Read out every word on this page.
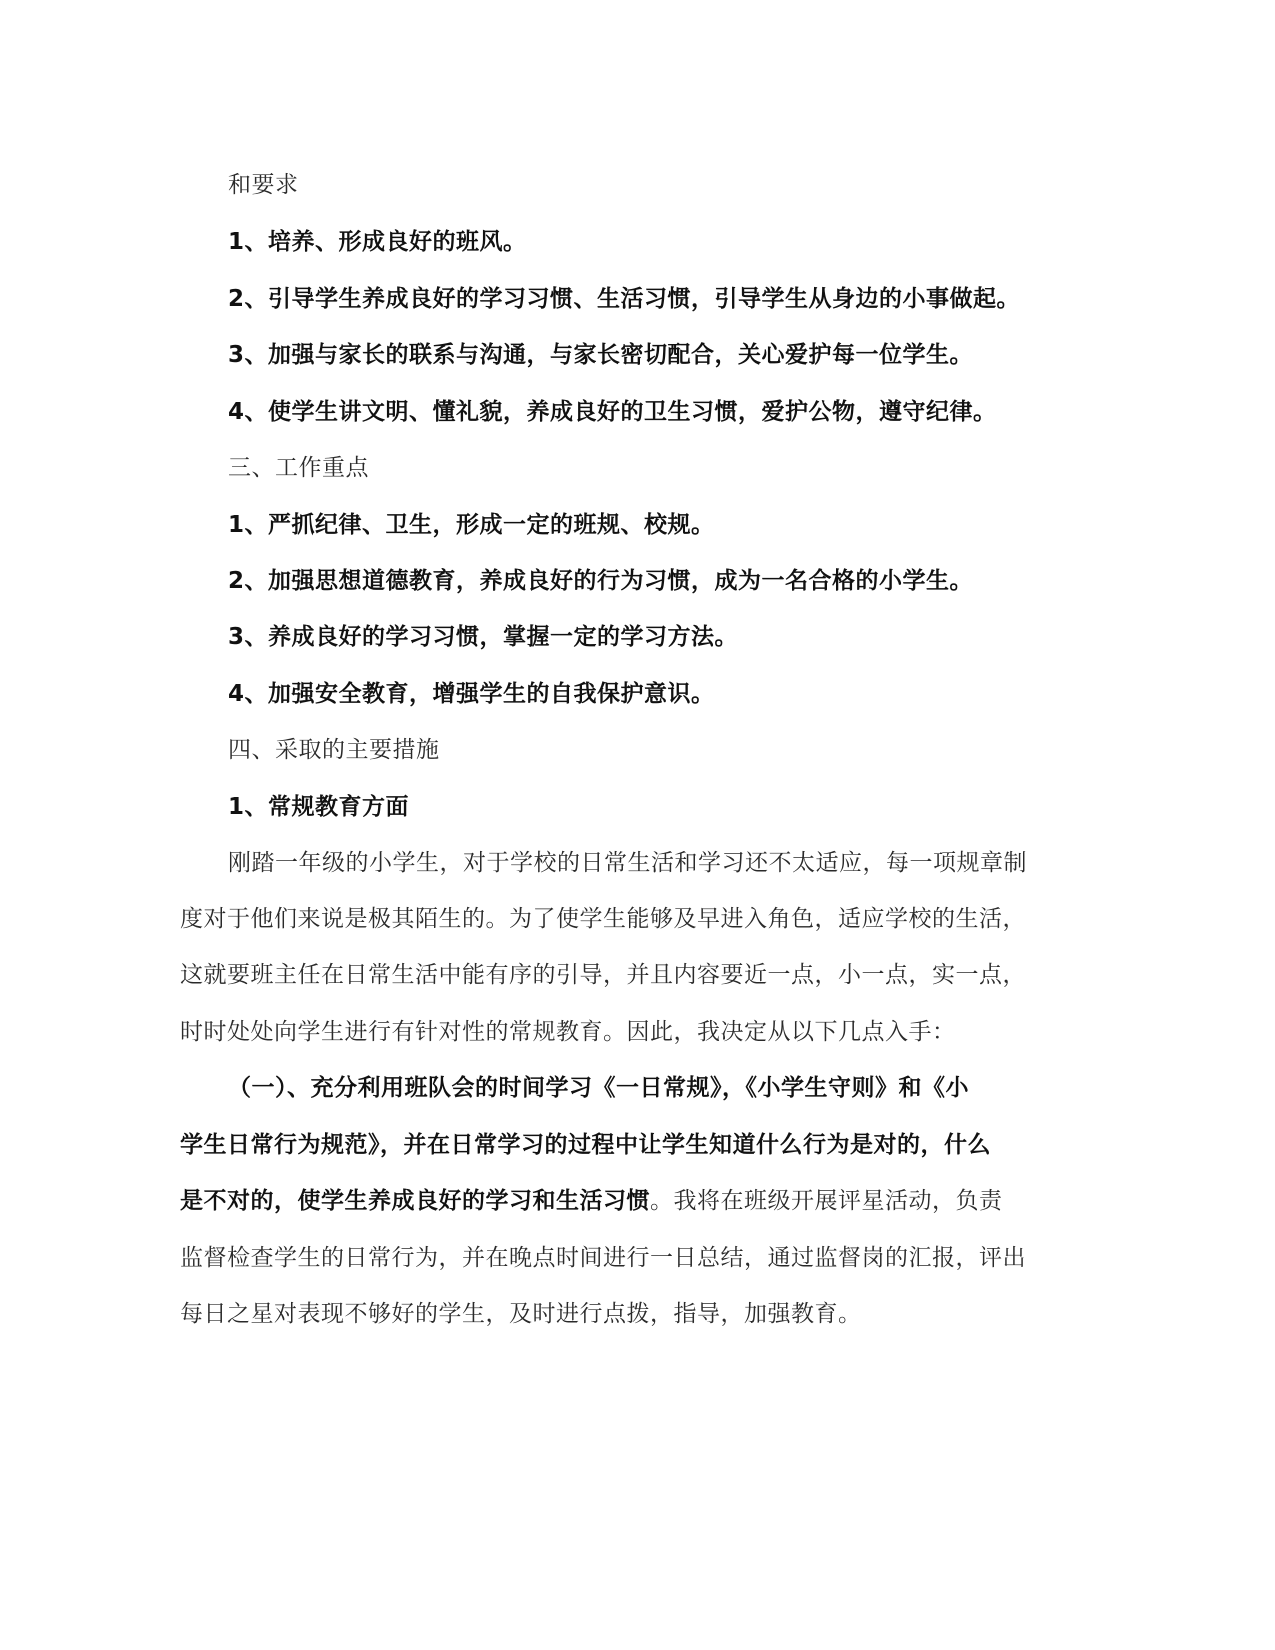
和要求
1、培养、形成良好的班风。
2、引导学生养成良好的学习习惯、生活习惯，引导学生从身边的小事做起。
3、加强与家长的联系与沟通，与家长密切配合，关心爱护每一位学生。
4、使学生讲文明、懂礼貌，养成良好的卫生习惯，爱护公物，遵守纪律。
三、工作重点
1、严抓纪律、卫生，形成一定的班规、校规。
2、加强思想道德教育，养成良好的行为习惯，成为一名合格的小学生。
3、养成良好的学习习惯，掌握一定的学习方法。
4、加强安全教育，增强学生的自我保护意识。
四、采取的主要措施
1、常规教育方面
刚踏一年级的小学生，对于学校的日常生活和学习还不太适应，每一项规章制
度对于他们来说是极其陌生的。为了使学生能够及早进入角色，适应学校的生活，
这就要班主任在日常生活中能有序的引导，并且内容要近一点，小一点，实一点，
时时处处向学生进行有针对性的常规教育。因此，我决定从以下几点入手：
（一）、充分利用班队会的时间学习《一日常规》，《小学生守则》和《小
学生日常行为规范》，并在日常学习的过程中让学生知道什么行为是对的，什么
是不对的，使学生养成良好的学习和生活习惯。我将在班级开展评星活动，负责
监督检查学生的日常行为，并在晚点时间进行一日总结，通过监督岗的汇报，评出
每日之星对表现不够好的学生，及时进行点拨，指导，加强教育。
